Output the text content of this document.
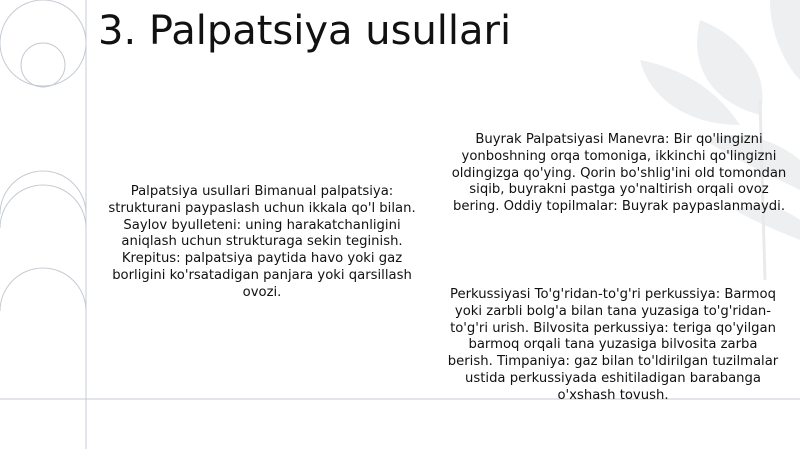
3. Palpatsiya usullari
Palpatsiya usullari Bimanual palpatsiya: strukturani paypaslash uchun ikkala qo'l bilan. Saylov byulleteni: uning harakatchanligini aniqlash uchun strukturaga sekin teginish. Krepitus: palpatsiya paytida havo yoki gaz borligini ko'rsatadigan panjara yoki qarsillash ovozi.
Buyrak Palpatsiyasi Manevra: Bir qo'lingizni yonboshning orqa tomoniga, ikkinchi qo'lingizni oldingizga qo'ying. Qorin bo'shlig'ini old tomondan siqib, buyrakni pastga yo'naltirish orqali ovoz bering. Oddiy topilmalar: Buyrak paypaslanmaydi.
Perkussiyasi To'g'ridan-to'g'ri perkussiya: Barmoq yoki zarbli bolg'a bilan tana yuzasiga to'g'ridan-to'g'ri urish. Bilvosita perkussiya: teriga qo'yilgan barmoq orqali tana yuzasiga bilvosita zarba berish. Timpaniya: gaz bilan to'ldirilgan tuzilmalar ustida perkussiyada eshitiladigan barabanga o'xshash tovush.
